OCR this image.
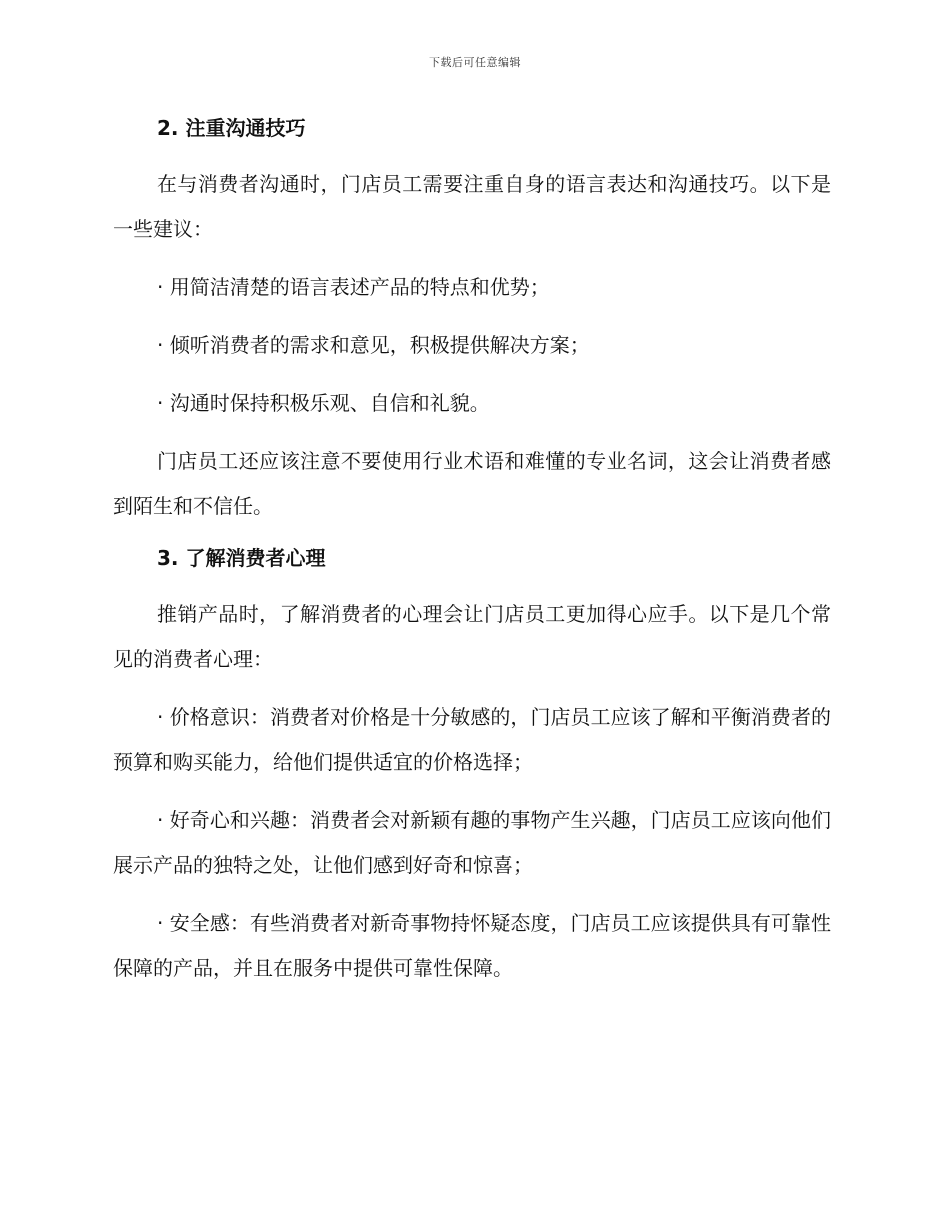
下载后可任意编辑
2. 注重沟通技巧

在与消费者沟通时，门店员工需要注重自身的语言表达和沟通技巧。以下是一些建议：

· 用简洁清楚的语言表述产品的特点和优势；

· 倾听消费者的需求和意见，积极提供解决方案；

· 沟通时保持积极乐观、自信和礼貌。

门店员工还应该注意不要使用行业术语和难懂的专业名词，这会让消费者感到陌生和不信任。

3. 了解消费者心理

推销产品时，了解消费者的心理会让门店员工更加得心应手。以下是几个常见的消费者心理：

· 价格意识：消费者对价格是十分敏感的，门店员工应该了解和平衡消费者的预算和购买能力，给他们提供适宜的价格选择；

· 好奇心和兴趣：消费者会对新颖有趣的事物产生兴趣，门店员工应该向他们展示产品的独特之处，让他们感到好奇和惊喜；

· 安全感：有些消费者对新奇事物持怀疑态度，门店员工应该提供具有可靠性保障的产品，并且在服务中提供可靠性保障。
